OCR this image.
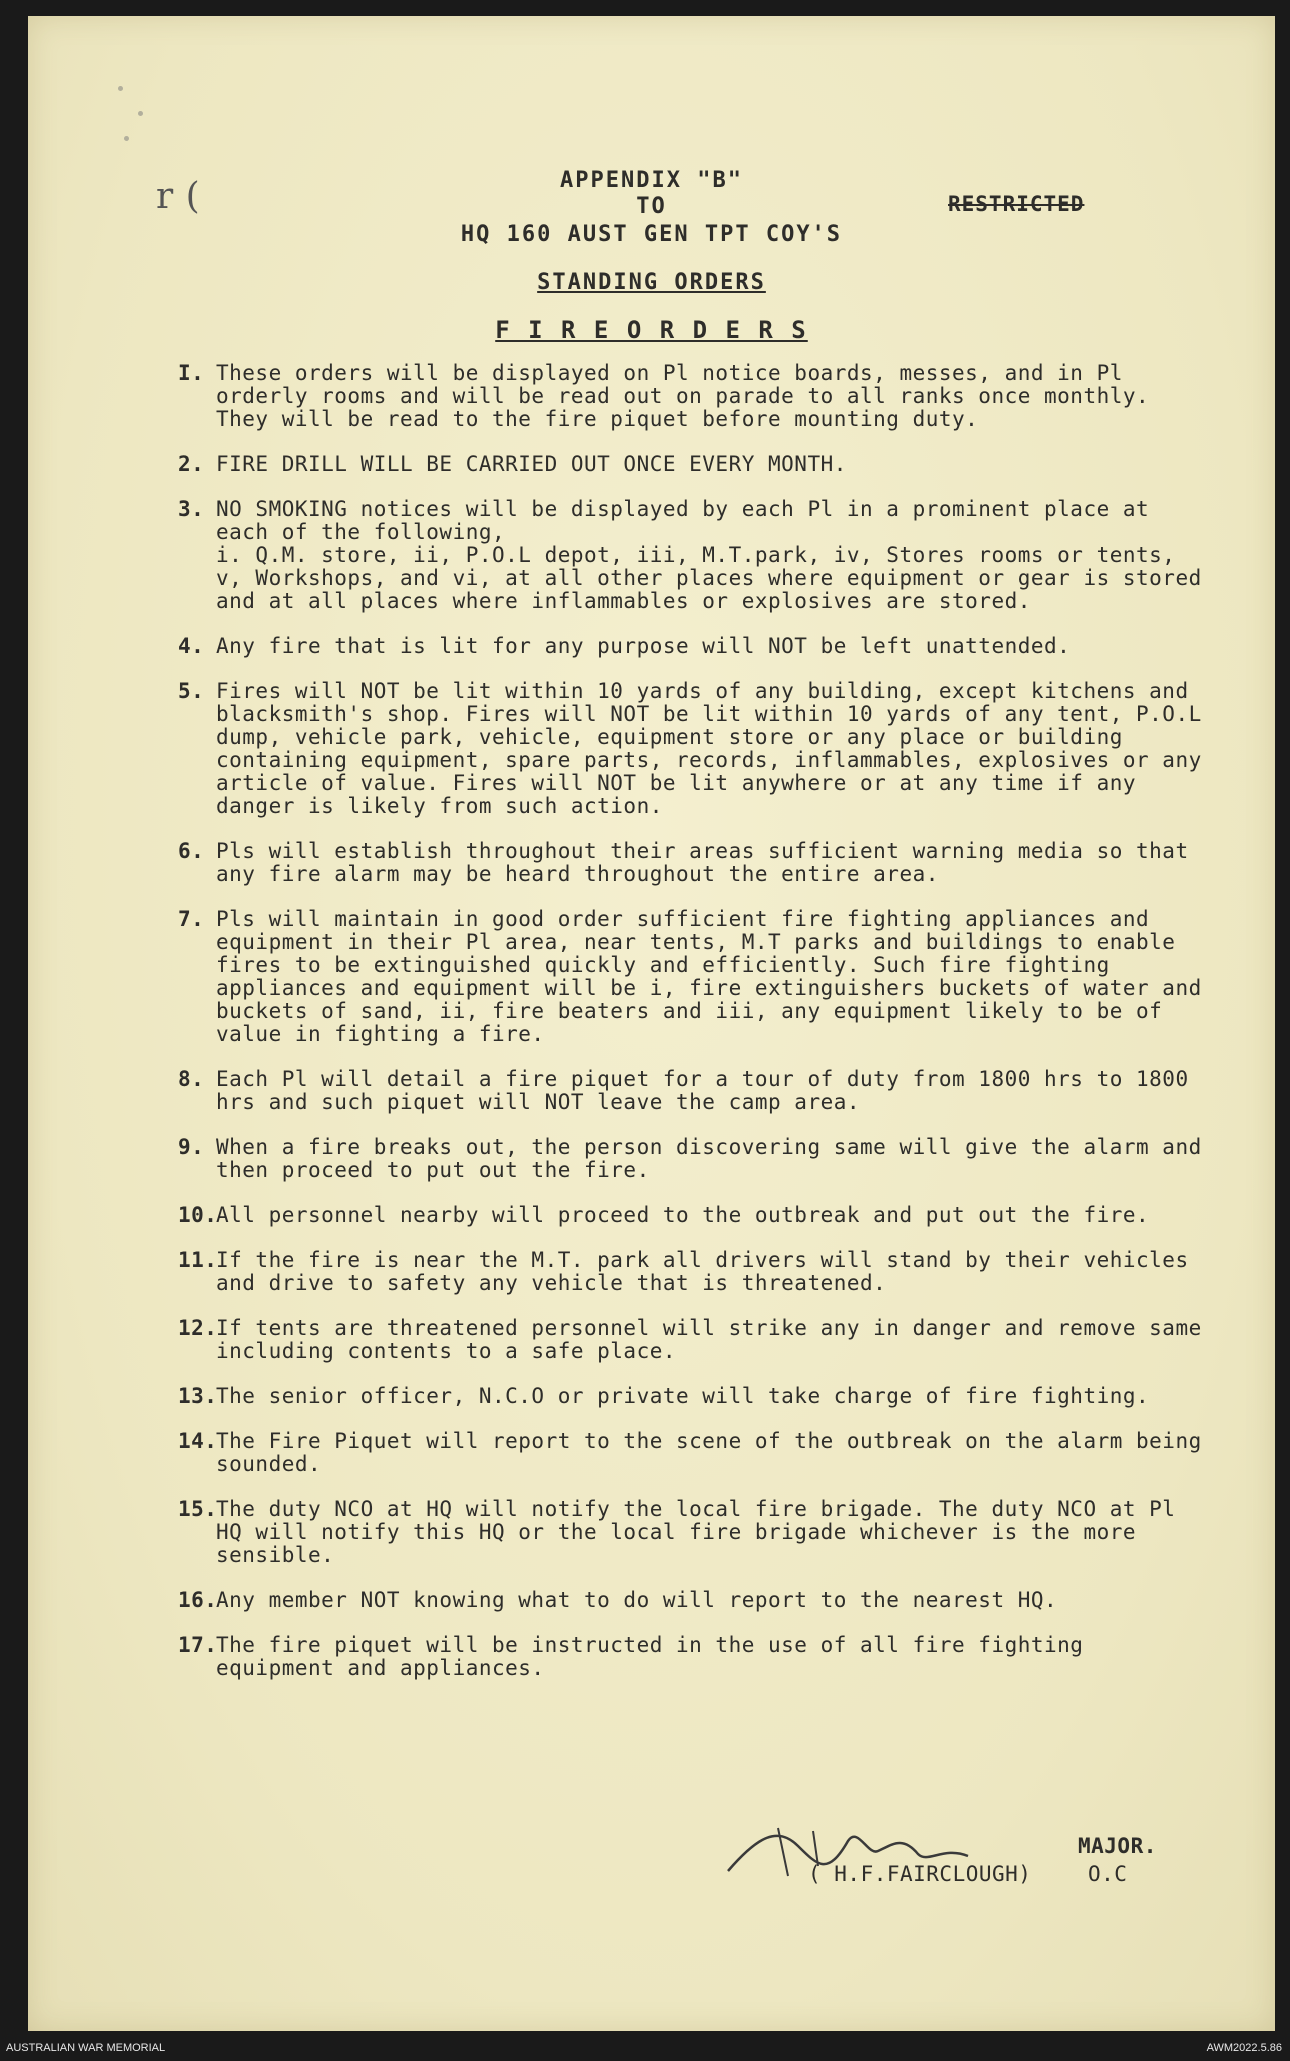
r (	APPENDIX "B"
TO
HQ 160 AUST GEN TPT COY'S
STANDING ORDERS
F I R E O R D E R S
RESTRICTED
I. These orders will be displayed on Pl notice boards, messes, and in Pl orderly rooms and will be read out on parade to all ranks once monthly. They will be read to the fire piquet before mounting duty.
2. FIRE DRILL WILL BE CARRIED OUT ONCE EVERY MONTH.
3. NO SMOKING notices will be displayed by each Pl in a prominent place at each of the following,
i. Q.M. store, ii, P.O.L depot, iii, M.T.park, iv, Stores rooms or tents, v, Workshops, and vi, at all other places where equipment or gear is stored and at all places where inflammables or explosives are stored.
4. Any fire that is lit for any purpose will NOT be left unattended.
5. Fires will NOT be lit within 10 yards of any building, except kitchens and blacksmith's shop. Fires will NOT be lit within 10 yards of any tent, P.O.L dump, vehicle park, vehicle, equipment store or any place or building containing equipment, spare parts, records, inflammables, explosives or any article of value. Fires will NOT be lit anywhere or at any time if any danger is likely from such action.
6. Pls will establish throughout their areas sufficient warning media so that any fire alarm may be heard throughout the entire area.
7. Pls will maintain in good order sufficient fire fighting appliances and equipment in their Pl area, near tents, M.T parks and buildings to enable fires to be extinguished quickly and efficiently. Such fire fighting appliances and equipment will be i, fire extinguishers buckets of water and buckets of sand, ii, fire beaters and iii, any equipment likely to be of value in fighting a fire.
8. Each Pl will detail a fire piquet for a tour of duty from 1800 hrs to 1800 hrs and such piquet will NOT leave the camp area.
9. When a fire breaks out, the person discovering same will give the alarm and then proceed to put out the fire.
10.
All personnel nearby will proceed to the outbreak and put out the fire.
11.
If the fire is near the M.T. park all drivers will stand by their vehicles and drive to safety any vehicle that is threatened.
12.
If tents are threatened personnel will strike any in danger and remove same including contents to a safe place.
13.
The senior officer, N.C.O or private will take charge of fire fighting.
14.
The Fire Piquet will report to the scene of the outbreak on the alarm being sounded.
15.
The duty NCO at HQ will notify the local fire brigade. The duty NCO at Pl HQ will notify this HQ or the local fire brigade whichever is the more sensible.
16.
Any member NOT knowing what to do will report to the nearest HQ.
17.
The fire piquet will be instructed in the use of all fire fighting equipment and appliances.
MAJOR.
( H.F.FAIRCLOUGH)	O.C
AUSTRALIAN WAR MEMORIAL	AWM2022.5.86
